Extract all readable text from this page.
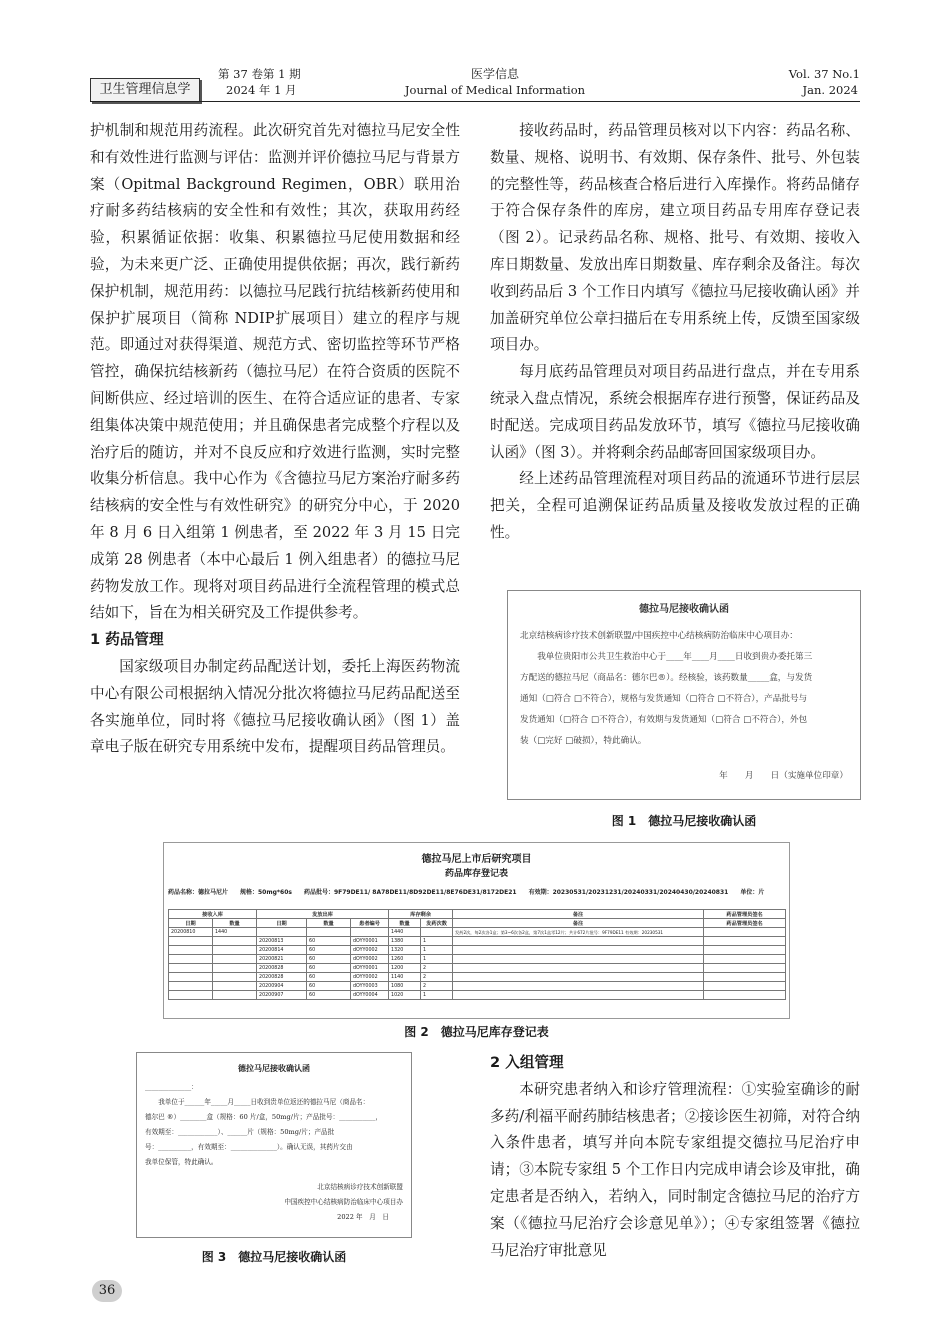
卫生管理信息学
第 37 卷第 1 期
2024 年 1 月
医学信息
Journal of Medical Information
Vol. 37 No.1
Jan. 2024

护机制和规范用药流程。此次研究首先对德拉马尼安全性和有效性进行监测与评估：监测并评价德拉马尼与背景方案（Opitmal Background Regimen，OBR）联用治疗耐多药结核病的安全性和有效性；其次，获取用药经验，积累循证依据：收集、积累德拉马尼使用数据和经验，为未来更广泛、正确使用提供依据；再次，践行新药保护机制，规范用药：以德拉马尼践行抗结核新药使用和保护扩展项目（简称 NDIP扩展项目）建立的程序与规范。即通过对获得渠道、规范方式、密切监控等环节严格管控，确保抗结核新药（德拉马尼）在符合资质的医院不间断供应、经过培训的医生、在符合适应证的患者、专家组集体决策中规范使用；并且确保患者完成整个疗程以及治疗后的随访，并对不良反应和疗效进行监测，实时完整收集分析信息。我中心作为《含德拉马尼方案治疗耐多药结核病的安全性与有效性研究》的研究分中心，于 2020 年 8 月 6 日入组第 1 例患者，至 2022 年 3 月 15 日完成第 28 例患者（本中心最后 1 例入组患者）的德拉马尼药物发放工作。现将对项目药品进行全流程管理的模式总结如下，旨在为相关研究及工作提供参考。

1 药品管理

国家级项目办制定药品配送计划，委托上海医药物流中心有限公司根据纳入情况分批次将德拉马尼药品配送至各实施单位，同时将《德拉马尼接收确认函》（图 1）盖章电子版在研究专用系统中发布，提醒项目药品管理员。

接收药品时，药品管理员核对以下内容：药品名称、数量、规格、说明书、有效期、保存条件、批号、外包装的完整性等，药品核查合格后进行入库操作。将药品储存于符合保存条件的库房，建立项目药品专用库存登记表（图 2）。记录药品名称、规格、批号、有效期、接收入库日期数量、发放出库日期数量、库存剩余及备注。每次收到药品后 3 个工作日内填写《德拉马尼接收确认函》并加盖研究单位公章扫描后在专用系统上传，反馈至国家级项目办。

每月底药品管理员对项目药品进行盘点，并在专用系统录入盘点情况，系统会根据库存进行预警，保证药品及时配送。完成项目药品发放环节，填写《德拉马尼接收确认函》（图 3）。并将剩余药品邮寄回国家级项目办。

经上述药品管理流程对项目药品的流通环节进行层层把关，全程可追溯保证药品质量及接收发放过程的正确性。

德拉马尼接收确认函
北京结核病诊疗技术创新联盟/中国疾控中心结核病防治临床中心项目办：
我单位贵阳市公共卫生救治中心于____年____月____日收到贵办委托第三
方配送的德拉马尼（商品名：德尔巴®）。经核验，该药数量_____盒，与发货
通知（□符合 □不符合），规格与发货通知（□符合 □不符合），产品批号与
发货通知（□符合 □不符合），有效期与发货通知（□符合 □不符合），外包
装（□完好 □破损），特此确认。
年　　月　　日（实施单位印章）
图 1　德拉马尼接收确认函
德拉马尼上市后研究项目
药品库存登记表
药品名称：德拉马尼片　　规格：50mg*60s　　药品批号：9F79DE11/ 8A78DE11/8D92DE11/8E76DE31/8172DE21　　有效期：20230531/20231231/20240331/20240430/20240831　　单位：片
接收入库		发放出库			库存剩余		备注	药品管理员签名
日期	数量	日期	数量	患者编号	数量	发药次数	备注	药品管理员签名
20200810	1440				1440		发药2次，每2次各1盒；第3~6次各2盒，第7次1盒零12片；共计672片批号：9F79DE11 有效期：20230531	
		20200813	60	dOYY0001	1380	1		
		20200814	60	dOYY0002	1320	1		
		20200821	60	dOYY0002	1260	1		
		20200828	60	dOYY0001	1200	2		
		20200828	60	dOYY0002	1140	2		
		20200904	60	dOYY0003	1080	2		
		20200907	60	dOYY0004	1020	1		
图 2　德拉马尼库存登记表
德拉马尼接收确认函
______________：
我单位于______年_____月_____日收到贵单位返还的德拉马尼（商品名：
德尔巴 ®）________盒（规格：60 片/盒，50mg/片；产品批号：___________，
有效期至：____________）、______片（规格：50mg/片；产品批
号：__________，有效期至：______________）。确认无误，其药片交由
我单位保管，特此确认。
北京结核病诊疗技术创新联盟
中国疾控中心结核病防治临床中心项目办
2022 年　月　日
图 3　德拉马尼接收确认函
2 入组管理

本研究患者纳入和诊疗管理流程：①实验室确诊的耐多药/利福平耐药肺结核患者；②接诊医生初筛，对符合纳入条件患者，填写并向本院专家组提交德拉马尼治疗申请；③本院专家组 5 个工作日内完成申请会诊及审批，确定患者是否纳入，若纳入，同时制定含德拉马尼的治疗方案（《德拉马尼治疗会诊意见单》）；④专家组签署《德拉马尼治疗审批意见

36
